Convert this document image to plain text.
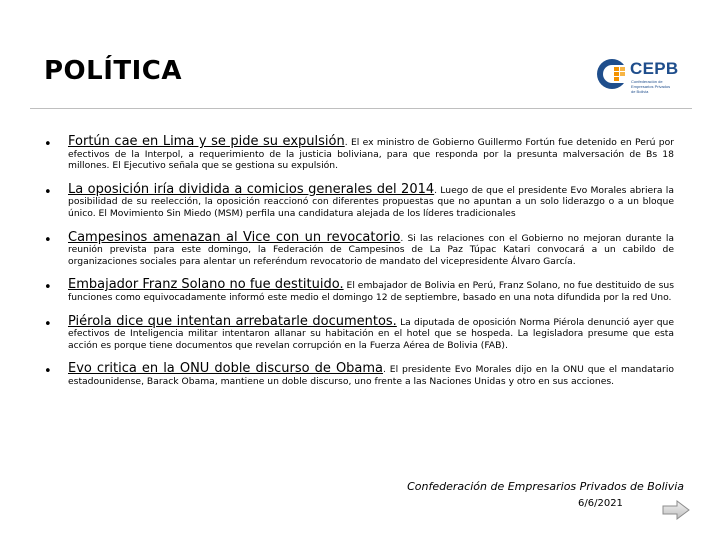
POLÍTICA	CEPB
Confederación de Empresarios Privados de Bolivia
• Fortún cae en Lima y se pide su expulsión. El ex ministro de Gobierno Guillermo Fortún fue detenido en Perú por efectivos de la Interpol, a requerimiento de la justicia boliviana, para que responda por la presunta malversación de Bs 18 millones. El Ejecutivo señala que se gestiona su expulsión.
• La oposición iría dividida a comicios generales del 2014. Luego de que el presidente Evo Morales abriera la posibilidad de su reelección, la oposición reaccionó con diferentes propuestas que no apuntan a un solo liderazgo o a un bloque único. El Movimiento Sin Miedo (MSM) perfila una candidatura alejada de los líderes tradicionales
• Campesinos amenazan al Vice con un revocatorio. Si las relaciones con el Gobierno no mejoran durante la reunión prevista para este domingo, la Federación de Campesinos de La Paz Túpac Katari convocará a un cabildo de organizaciones sociales para alentar un referéndum revocatorio de mandato del vicepresidente Álvaro García.
• Embajador Franz Solano no fue destituido. El embajador de Bolivia en Perú, Franz Solano, no fue destituido de sus funciones como equivocadamente informó este medio el domingo 12 de septiembre, basado en una nota difundida por la red Uno.
• Piérola dice que intentan arrebatarle documentos. La diputada de oposición Norma Piérola denunció ayer que efectivos de Inteligencia militar intentaron allanar su habitación en el hotel que se hospeda. La legisladora presume que esta acción es porque tiene documentos que revelan corrupción en la Fuerza Aérea de Bolivia (FAB).
• Evo critica en la ONU doble discurso de Obama. El presidente Evo Morales dijo en la ONU que el mandatario estadounidense, Barack Obama, mantiene un doble discurso, uno frente a las Naciones Unidas y otro en sus acciones.
Confederación de Empresarios Privados de Bolivia
6/6/2021
